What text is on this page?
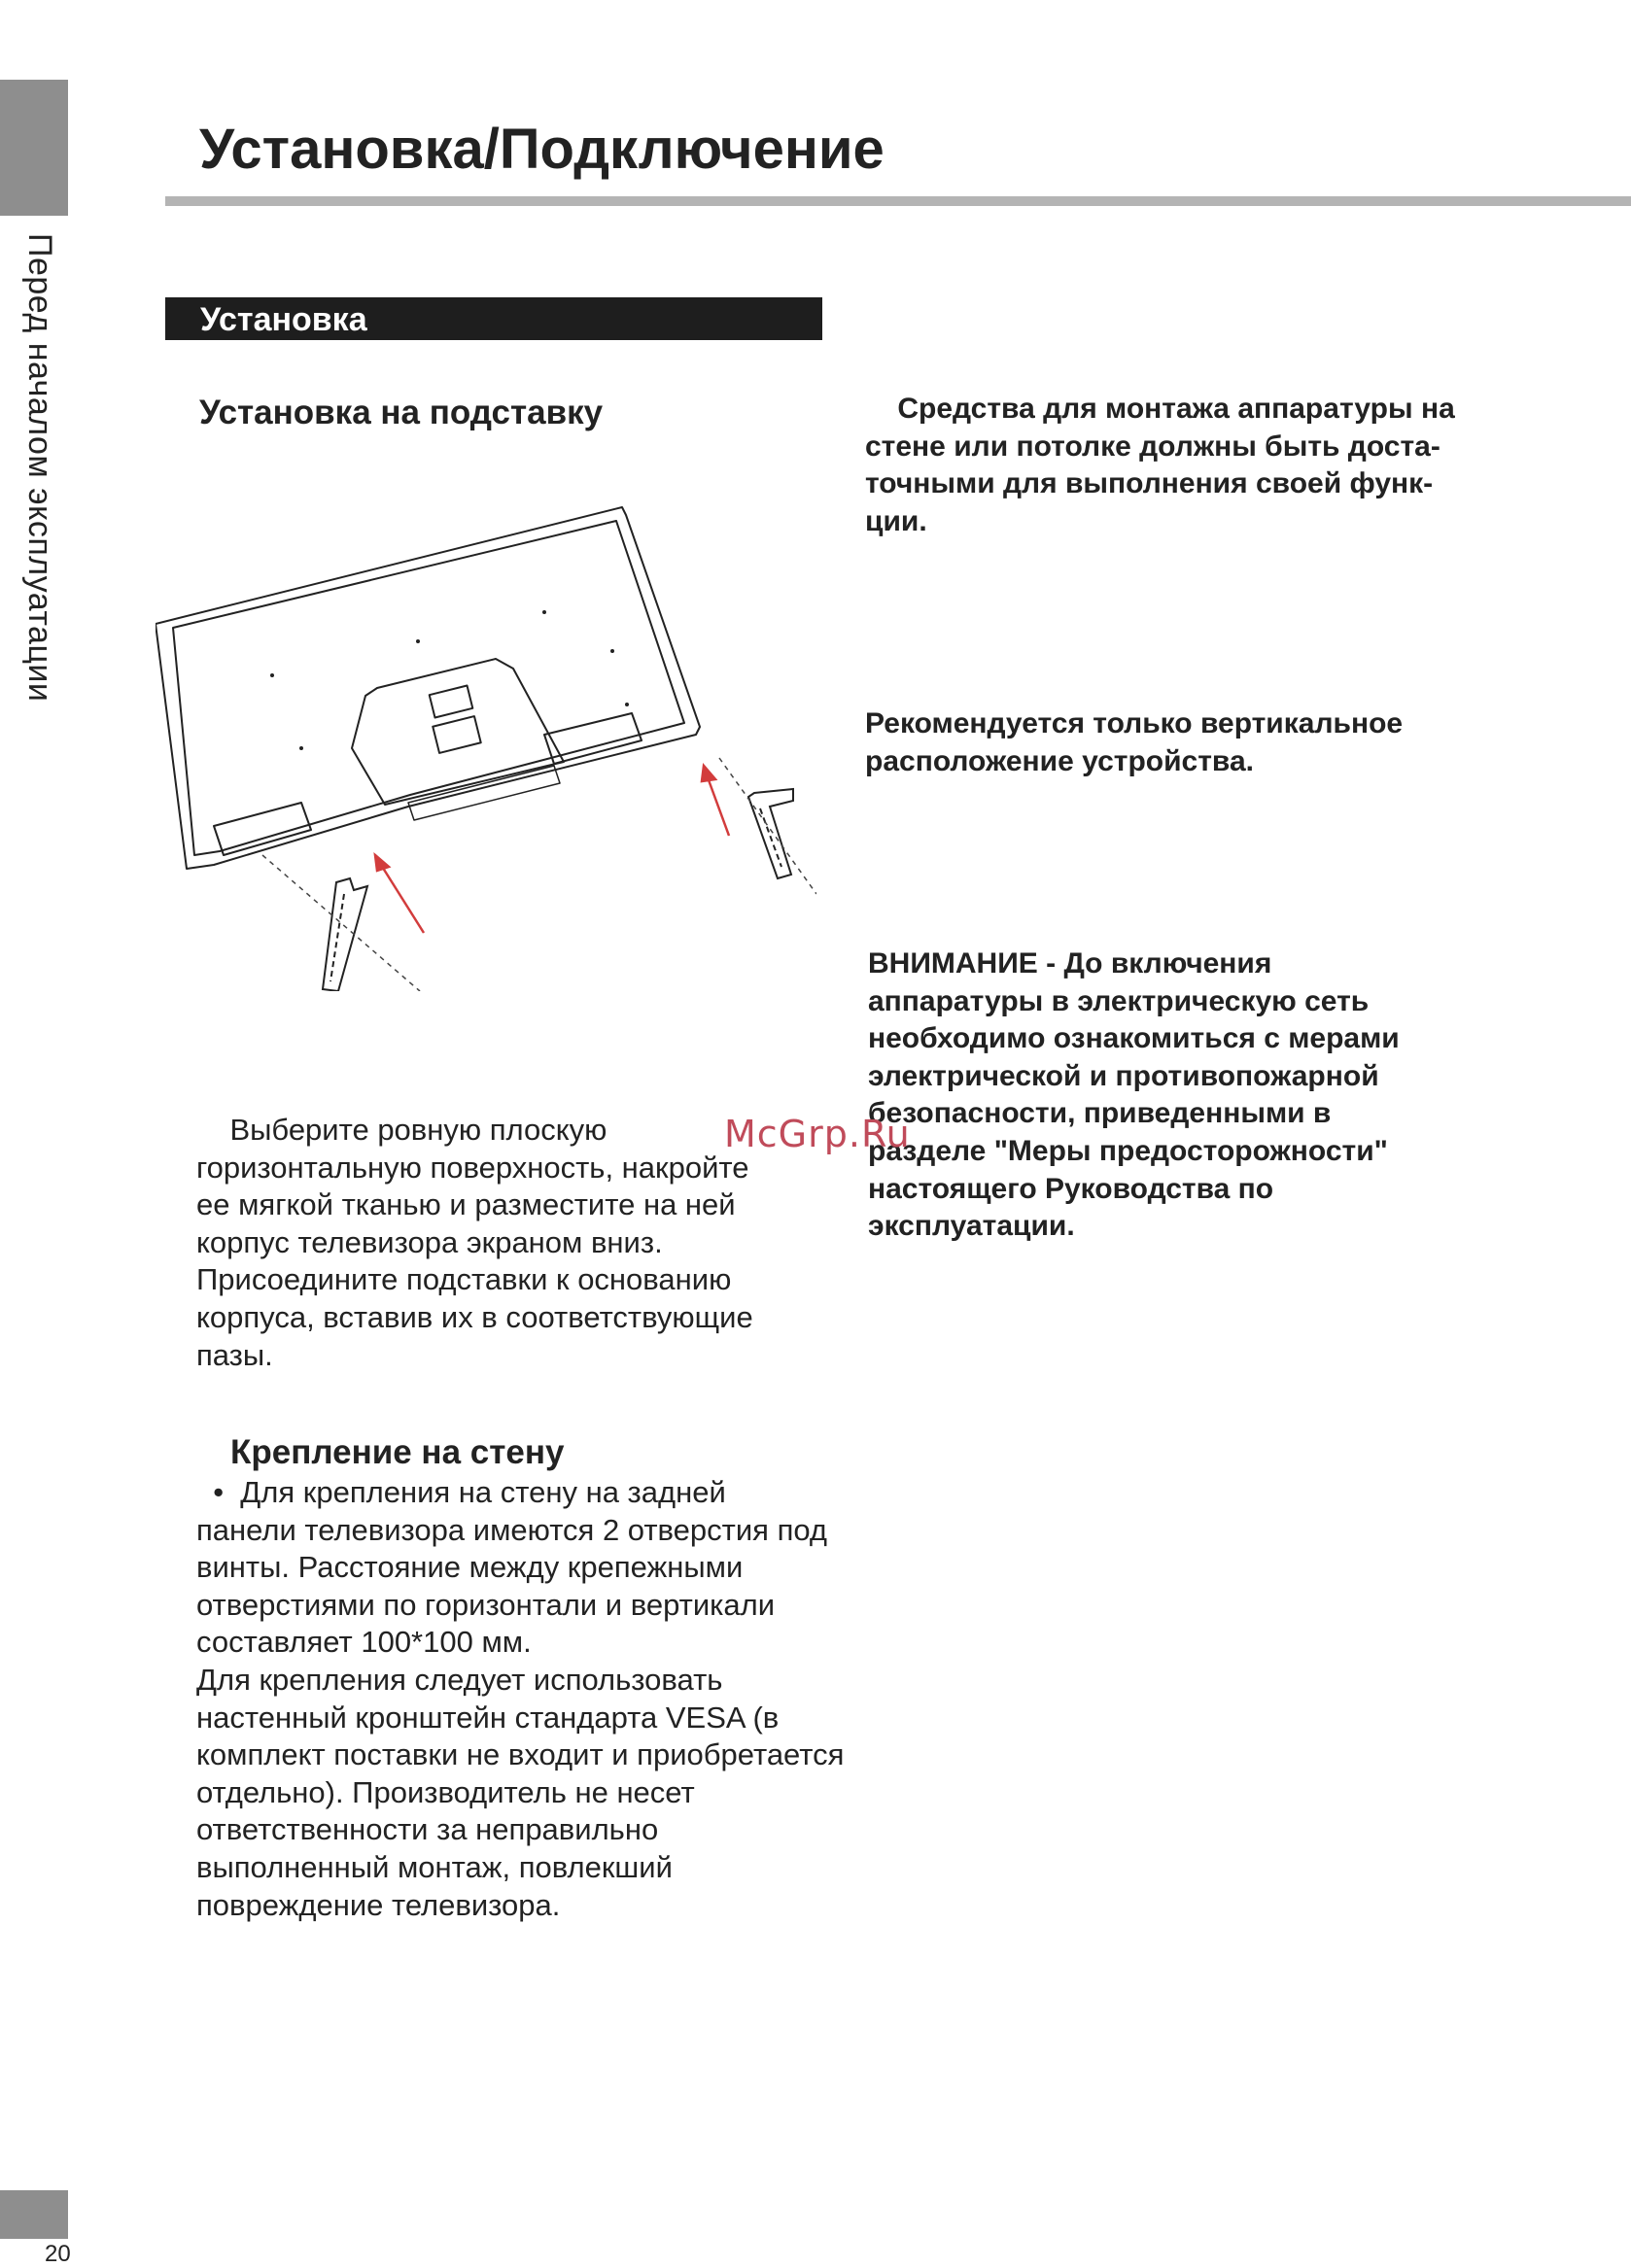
Перед началом эксплуатации
20
Установка/Подключение
Установка
Установка на подставку
Выберите ровную плоскую
горизонтальную поверхность, накройте
ее мягкой тканью и разместите на ней
корпус телевизора экраном вниз.
Присоедините подставки к основанию
корпуса, вставив их в соответствующие
пазы.
Крепление на стену
•  Для крепления на стену на задней
панели телевизора имеются 2 отверстия под
винты. Расстояние между крепежными
отверстиями по горизонтали и вертикали
составляет 100*100 мм.
Для крепления следует использовать
настенный кронштейн стандарта VESA (в
комплект поставки не входит и приобретается
отдельно). Производитель не несет
ответственности за неправильно
выполненный монтаж, повлекший
повреждение телевизора.
Средства для монтажа аппаратуры на
стене или потолке должны быть доста-
точными для выполнения своей функ-
ции.
Рекомендуется только вертикальное
расположение устройства.
ВНИМАНИЕ - До включения
аппаратуры в электрическую сеть
необходимо ознакомиться с мерами
электрической и противопожарной
безопасности, приведенными в
разделе "Меры предосторожности"
настоящего Руководства по
эксплуатации.
McGrp.Ru
